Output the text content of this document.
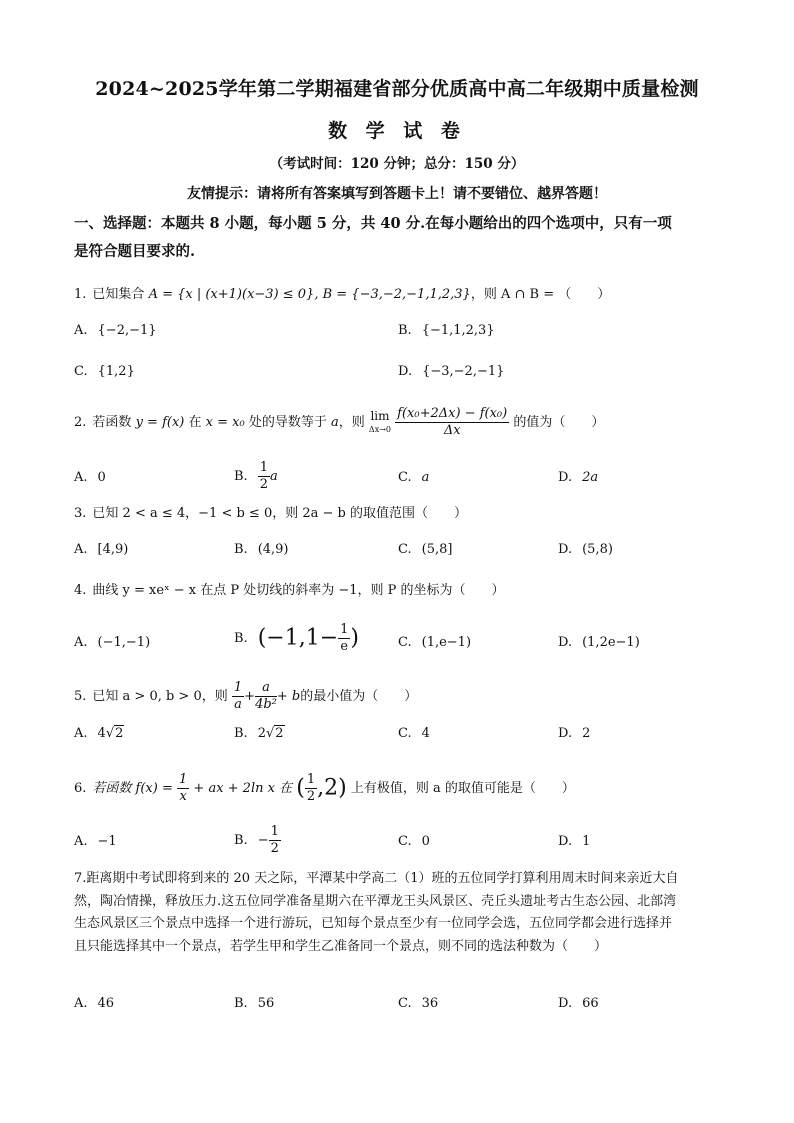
2024~2025学年第二学期福建省部分优质高中高二年级期中质量检测
数 学 试 卷
（考试时间：120 分钟；总分：150 分）
友情提示：请将所有答案填写到答题卡上！请不要错位、越界答题！
一、选择题：本题共 8 小题，每小题 5 分，共 40 分.在每小题给出的四个选项中，只有一项
是符合题目要求的.
1. 已知集合 A = {x | (x+1)(x−3) ≤ 0}, B = {−3,−2,−1,1,2,3}，则 A ∩ B = （　　）
A. {−2,−1}	B. {−1,1,2,3}
C. {1,2}	D. {−3,−2,−1}
2. 若函数 y = f(x) 在 x = x₀ 处的导数等于 a，则 lim
Δx→0
$\frac{\text{f(x₀+2Δx) − f(x₀)}}{\Delta x}$ 的值为（　　）
A. 0	B. $\frac{1}{2}$ a	C. a	D. 2a
3. 已知 2 < a ≤ 4，−1 < b ≤ 0，则 2a − b 的取值范围（　　）
A. [4,9)	B. (4,9)	C. (5,8]	D. (5,8)
4. 曲线 y = xeˣ − x 在点 P 处切线的斜率为 −1，则 P 的坐标为（　　）
A. (−1,−1)	B. ($-1,1- \frac{1}{e}$ )	C. (1,e−1)	D. (1,2e−1)
5. 已知 a > 0, b > 0，则 $\frac{1}{a} + \frac{a}{\text{4b²}} + b$的最小值为（　　）
A. 4√2	B. 2√2	C. 4	D. 2
6. 若函数 $f(x) = \frac{1}{x}$ + ax + 2ln x 在 ( $\frac{1}{2} ,2$) 上有极值，则 a 的取值可能是（　　）
A. −1	B. − $\frac{1}{2}$	C. 0	D. 1
7.距离期中考试即将到来的 20 天之际，平潭某中学高二（1）班的五位同学打算利用周末时间来亲近大自
然，陶冶情操，释放压力.这五位同学准备星期六在平潭龙王头风景区、壳丘头遗址考古生态公园、北部湾
生态风景区三个景点中选择一个进行游玩，已知每个景点至少有一位同学会选，五位同学都会进行选择并
且只能选择其中一个景点，若学生甲和学生乙准备同一个景点，则不同的选法种数为（　　）
A. 46	B. 56	C. 36	D. 66
